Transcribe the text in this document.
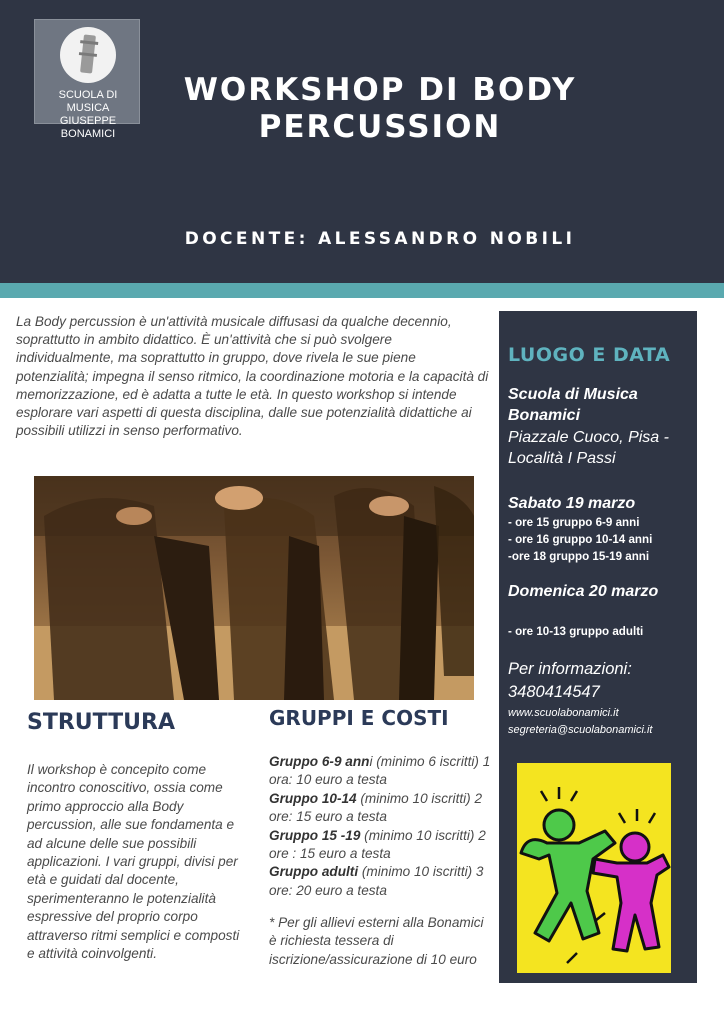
SCUOLA DI MUSICA
GIUSEPPE BONAMICI
WORKSHOP DI BODY PERCUSSION
DOCENTE: ALESSANDRO NOBILI

La Body percussion è un'attività musicale diffusasi da qualche decennio, soprattutto in ambito didattico. È un'attività che si può svolgere individualmente, ma soprattutto in gruppo, dove rivela le sue piene potenzialità; impegna il senso ritmico, la coordinazione motoria e la capacità di memorizzazione, ed è adatta a tutte le età. In questo workshop si intende esplorare vari aspetti di questa disciplina, dalle sue potenzialità didattiche ai possibili utilizzi in senso performativo.

LUOGO E DATA
Scuola di Musica Bonamici
Piazzale Cuoco, Pisa - Località I Passi
Sabato 19 marzo
- ore 15 gruppo 6-9 anni
- ore 16 gruppo 10-14 anni
-ore 18 gruppo 15-19 anni
Domenica 20 marzo
- ore 10-13 gruppo adulti
Per informazioni:
3480414547
www.scuolabonamici.it
segreteria@scuolabonamici.it
STRUTTURA

Il workshop è concepito come incontro conoscitivo, ossia come primo approccio alla Body percussion, alle sue fondamenta e ad alcune delle sue possibili applicazioni. I vari gruppi, divisi per età e guidati dal docente, sperimenteranno le potenzialità espressive del proprio corpo attraverso ritmi semplici e composti e attività coinvolgenti.

GRUPPI E COSTI
Gruppo 6-9 anni (minimo 6 iscritti) 1 ora: 10 euro a testa
Gruppo 10-14 (minimo 10 iscritti) 2 ore: 15 euro a testa
Gruppo 15 -19 (minimo 10 iscritti) 2 ore : 15 euro a testa
Gruppo adulti (minimo 10 iscritti) 3 ore: 20 euro a testa

* Per gli allievi esterni alla Bonamici è richiesta tessera di iscrizione/assicurazione di 10 euro
